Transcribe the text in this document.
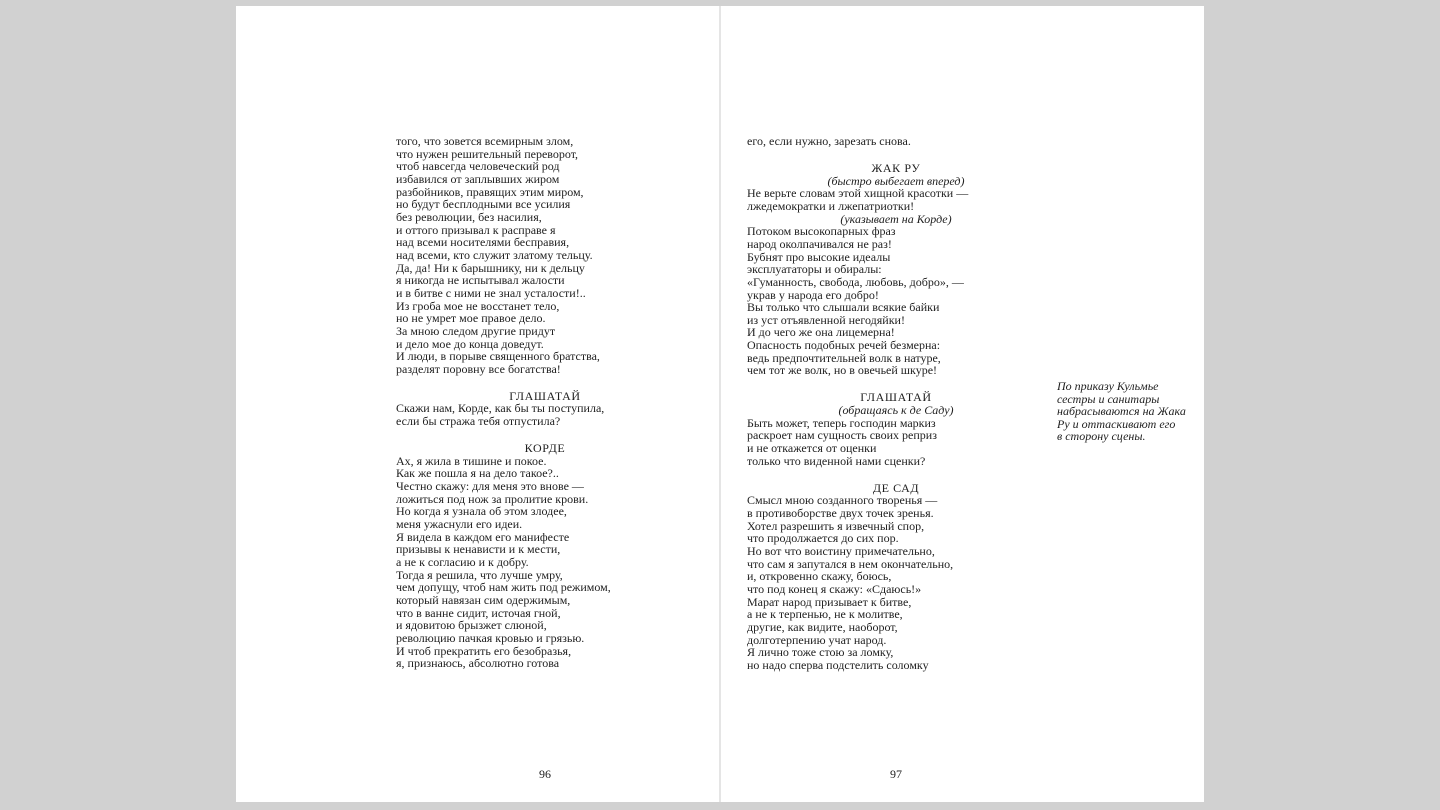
того, что зовется всемирным злом,
что нужен решительный переворот,
чтоб навсегда человеческий род
избавился от заплывших жиром
разбойников, правящих этим миром,
но будут бесплодными все усилия
без революции, без насилия,
и оттого призывал к расправе я
над всеми носителями бесправия,
над всеми, кто служит златому тельцу.
Да, да! Ни к барышнику, ни к дельцу
я никогда не испытывал жалости
и в битве с ними не знал усталости!..
Из гроба мое не восстанет тело,
но не умрет мое правое дело.
За мною следом другие придут
и дело мое до конца доведут.
И люди, в порыве священного братства,
разделят поровну все богатства!
ГЛАШАТАЙ
Скажи нам, Корде, как бы ты поступила,
если бы стража тебя отпустила?
КОРДЕ
Ах, я жила в тишине и покое.
Как же пошла я на дело такое?..
Честно скажу: для меня это внове —
ложиться под нож за пролитие крови.
Но когда я узнала об этом злодее,
меня ужаснули его идеи.
Я видела в каждом его манифесте
призывы к ненависти и к мести,
а не к согласию и к добру.
Тогда я решила, что лучше умру,
чем допущу, чтоб нам жить под режимом,
который навязан сим одержимым,
что в ванне сидит, источая гной,
и ядовитою брызжет слюной,
революцию пачкая кровью и грязью.
И чтоб прекратить его безобразья,
я, признаюсь, абсолютно готова
96
его, если нужно, зарезать снова.
ЖАК РУ
(быстро выбегает вперед)
Не верьте словам этой хищной красотки —
лжедемократки и лжепатриотки!
(указывает на Корде)
Потоком высокопарных фраз
народ околпачивался не раз!
Бубнят про высокие идеалы
эксплуататоры и обиралы:
«Гуманность, свобода, любовь, добро», —
украв у народа его добро!
Вы только что слышали всякие байки
из уст отъявленной негодяйки!
И до чего же она лицемерна!
Опасность подобных речей безмерна:
ведь предпочтительней волк в натуре,
чем тот же волк, но в овечьей шкуре!
ГЛАШАТАЙ
(обращаясь к де Саду)
Быть может, теперь господин маркиз
раскроет нам сущность своих реприз
и не откажется от оценки
только что виденной нами сценки?
ДЕ САД
Смысл мною созданного творенья —
в противоборстве двух точек зренья.
Хотел разрешить я извечный спор,
что продолжается до сих пор.
Но вот что воистину примечательно,
что сам я запутался в нем окончательно,
и, откровенно скажу, боюсь,
что под конец я скажу: «Сдаюсь!»
Марат народ призывает к битве,
а не к терпенью, не к молитве,
другие, как видите, наоборот,
долготерпению учат народ.
Я лично тоже стою за ломку,
но надо сперва подстелить соломку
По приказу Кульмье
сестры и санитары
набрасываются на Жака
Ру и оттаскивают его
в сторону сцены.
97
